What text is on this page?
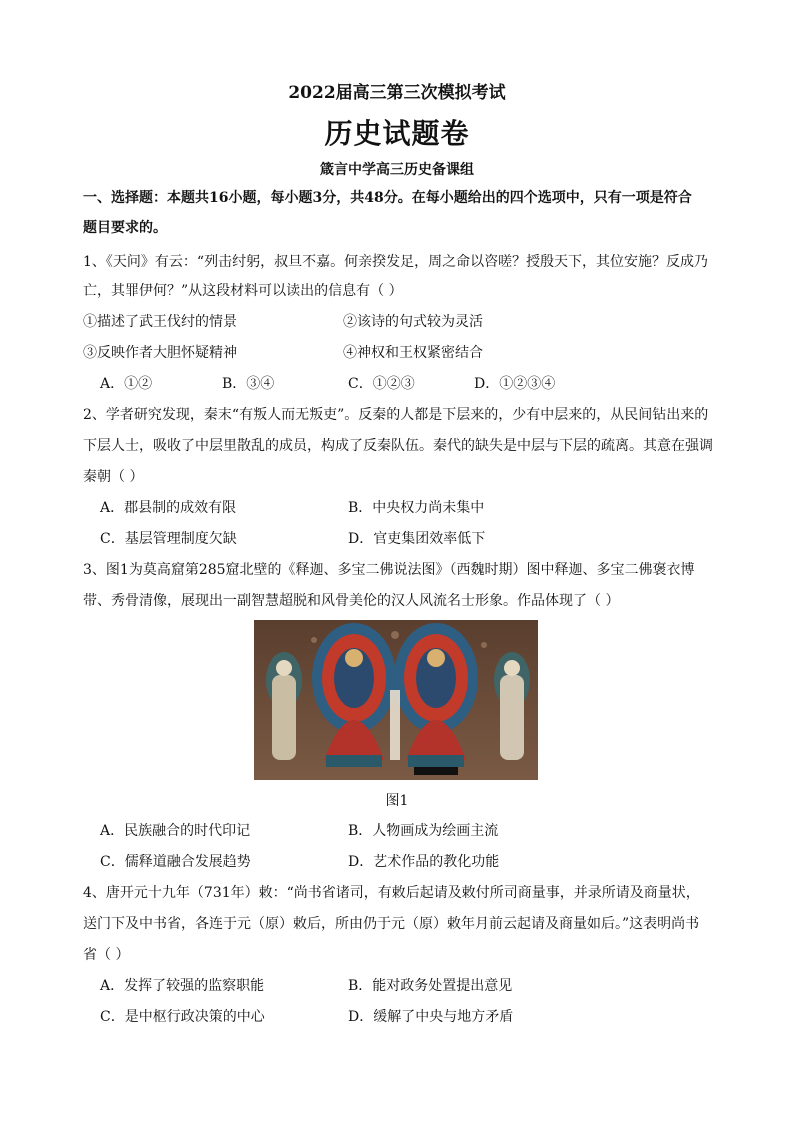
2022届高三第三次模拟考试
历史试题卷
箴言中学高三历史备课组
一、选择题：本题共16小题，每小题3分，共48分。在每小题给出的四个选项中，只有一项是符合
题目要求的。
1、《天问》有云：“列击纣躬，叔旦不嘉。何亲揆发足，周之命以咨嗟？授殷天下，其位安施？反成乃
亡，其罪伊何？”从这段材料可以读出的信息有（ ）
①描述了武王伐纣的情景	②该诗的句式较为灵活
③反映作者大胆怀疑精神	④神权和王权紧密结合
A．①②	B．③④	C．①②③	D．①②③④
2、学者研究发现，秦末“有叛人而无叛吏”。反秦的人都是下层来的，少有中层来的，从民间钻出来的
下层人士，吸收了中层里散乱的成员，构成了反秦队伍。秦代的缺失是中层与下层的疏离。其意在强调
秦朝（ ）
A．郡县制的成效有限	B．中央权力尚未集中
C．基层管理制度欠缺	D．官吏集团效率低下
3、图1为莫高窟第285窟北壁的《释迦、多宝二佛说法图》（西魏时期）图中释迦、多宝二佛褒衣博
带、秀骨清像，展现出一副智慧超脱和风骨美伦的汉人风流名士形象。作品体现了（ ）
图1
A．民族融合的时代印记	B．人物画成为绘画主流
C．儒释道融合发展趋势	D．艺术作品的教化功能
4、唐开元十九年（731年）敕：“尚书省诸司，有敕后起请及敕付所司商量事，并录所请及商量状，
送门下及中书省，各连于元（原）敕后，所由仍于元（原）敕年月前云起请及商量如后。”这表明尚书
省（ ）
A．发挥了较强的监察职能	B．能对政务处置提出意见
C．是中枢行政决策的中心	D．缓解了中央与地方矛盾
